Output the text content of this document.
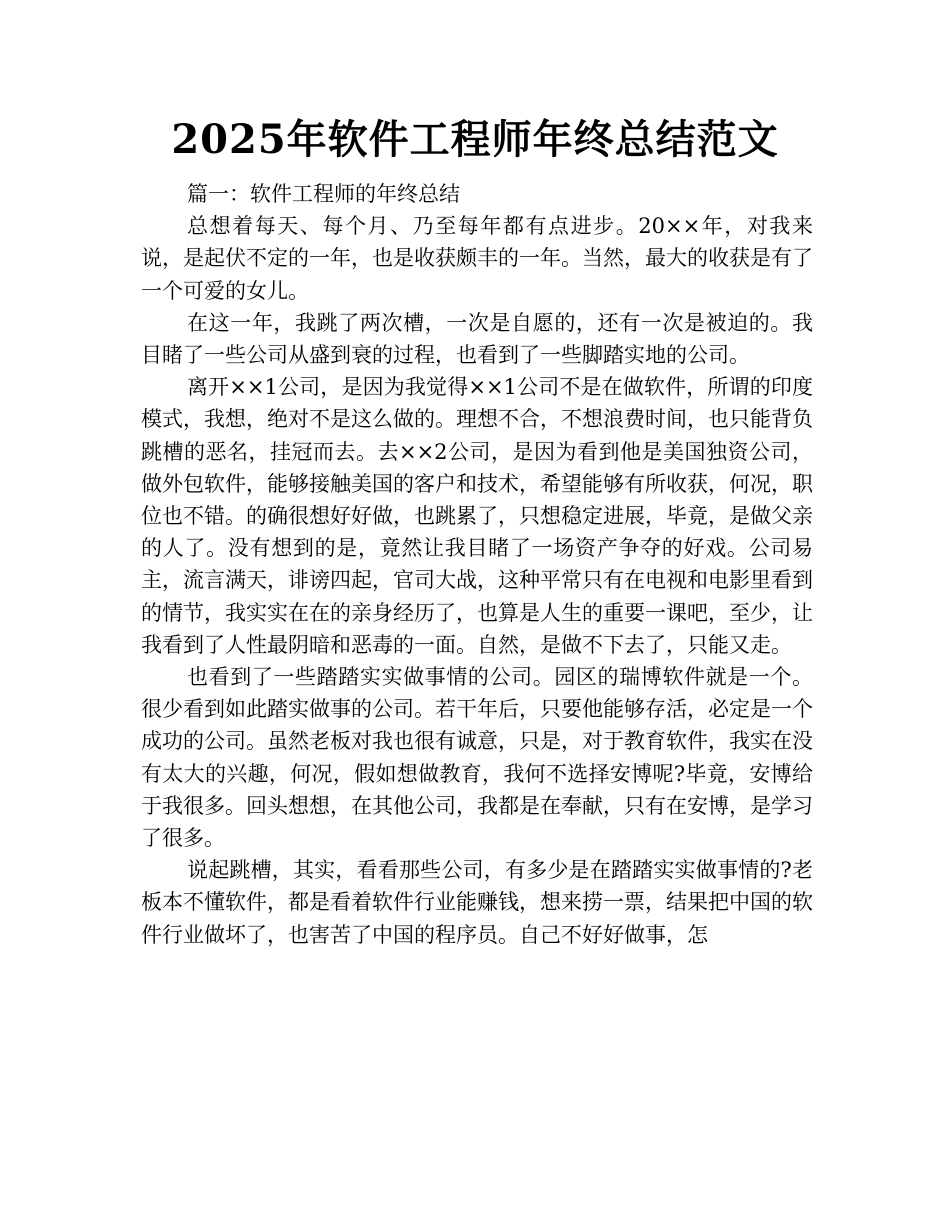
2025年软件工程师年终总结范文

篇一：软件工程师的年终总结

总想着每天、每个月、乃至每年都有点进步。20××年，对我来说，是起伏不定的一年，也是收获颇丰的一年。当然，最大的收获是有了一个可爱的女儿。

在这一年，我跳了两次槽，一次是自愿的，还有一次是被迫的。我目睹了一些公司从盛到衰的过程，也看到了一些脚踏实地的公司。

离开××1公司，是因为我觉得××1公司不是在做软件，所谓的印度模式，我想，绝对不是这么做的。理想不合，不想浪费时间，也只能背负跳槽的恶名，挂冠而去。去××2公司，是因为看到他是美国独资公司，做外包软件，能够接触美国的客户和技术，希望能够有所收获，何况，职位也不错。的确很想好好做，也跳累了，只想稳定进展，毕竟，是做父亲的人了。没有想到的是，竟然让我目睹了一场资产争夺的好戏。公司易主，流言满天，诽谤四起，官司大战，这种平常只有在电视和电影里看到的情节，我实实在在的亲身经历了，也算是人生的重要一课吧，至少，让我看到了人性最阴暗和恶毒的一面。自然，是做不下去了，只能又走。

也看到了一些踏踏实实做事情的公司。园区的瑞博软件就是一个。很少看到如此踏实做事的公司。若干年后，只要他能够存活，必定是一个成功的公司。虽然老板对我也很有诚意，只是，对于教育软件，我实在没有太大的兴趣，何况，假如想做教育，我何不选择安博呢?毕竟，安博给于我很多。回头想想，在其他公司，我都是在奉献，只有在安博，是学习了很多。

说起跳槽，其实，看看那些公司，有多少是在踏踏实实做事情的?老板本不懂软件，都是看着软件行业能赚钱，想来捞一票，结果把中国的软件行业做坏了，也害苦了中国的程序员。自己不好好做事，怎
